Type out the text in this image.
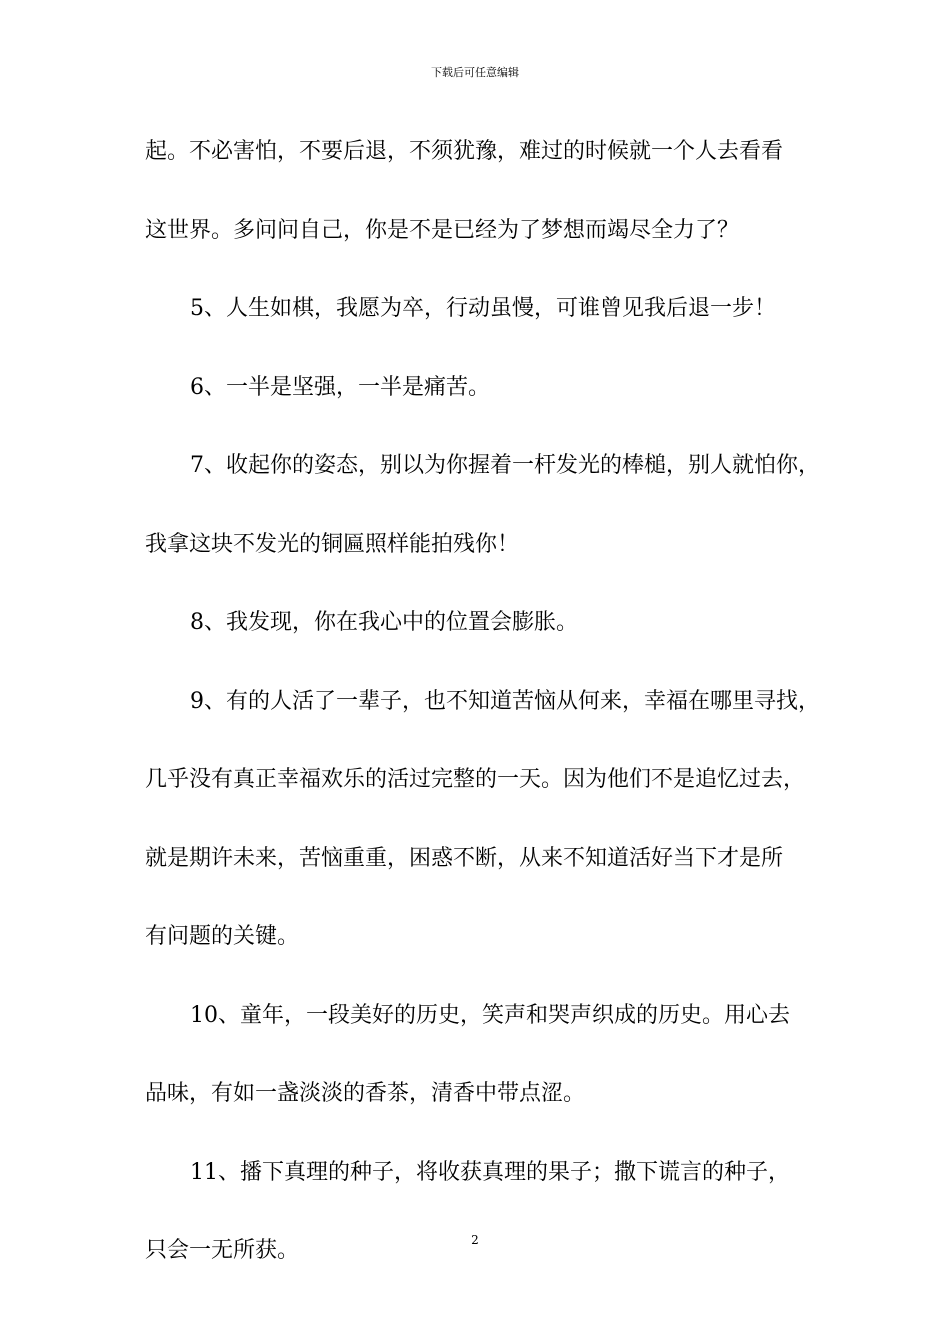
下载后可任意编辑
起。不必害怕，不要后退，不须犹豫，难过的时候就一个人去看看
这世界。多问问自己，你是不是已经为了梦想而竭尽全力了？
5、人生如棋，我愿为卒，行动虽慢，可谁曾见我后退一步！
6、一半是坚强，一半是痛苦。
7、收起你的姿态，别以为你握着一杆发光的棒槌，别人就怕你，
我拿这块不发光的铜匾照样能拍残你！
8、我发现，你在我心中的位置会膨胀。
9、有的人活了一辈子，也不知道苦恼从何来，幸福在哪里寻找，
几乎没有真正幸福欢乐的活过完整的一天。因为他们不是追忆过去，
就是期许未来，苦恼重重，困惑不断，从来不知道活好当下才是所
有问题的关键。
10、童年，一段美好的历史，笑声和哭声织成的历史。用心去
品味，有如一盏淡淡的香茶，清香中带点涩。
11、播下真理的种子，将收获真理的果子；撒下谎言的种子，
只会一无所获。	2
